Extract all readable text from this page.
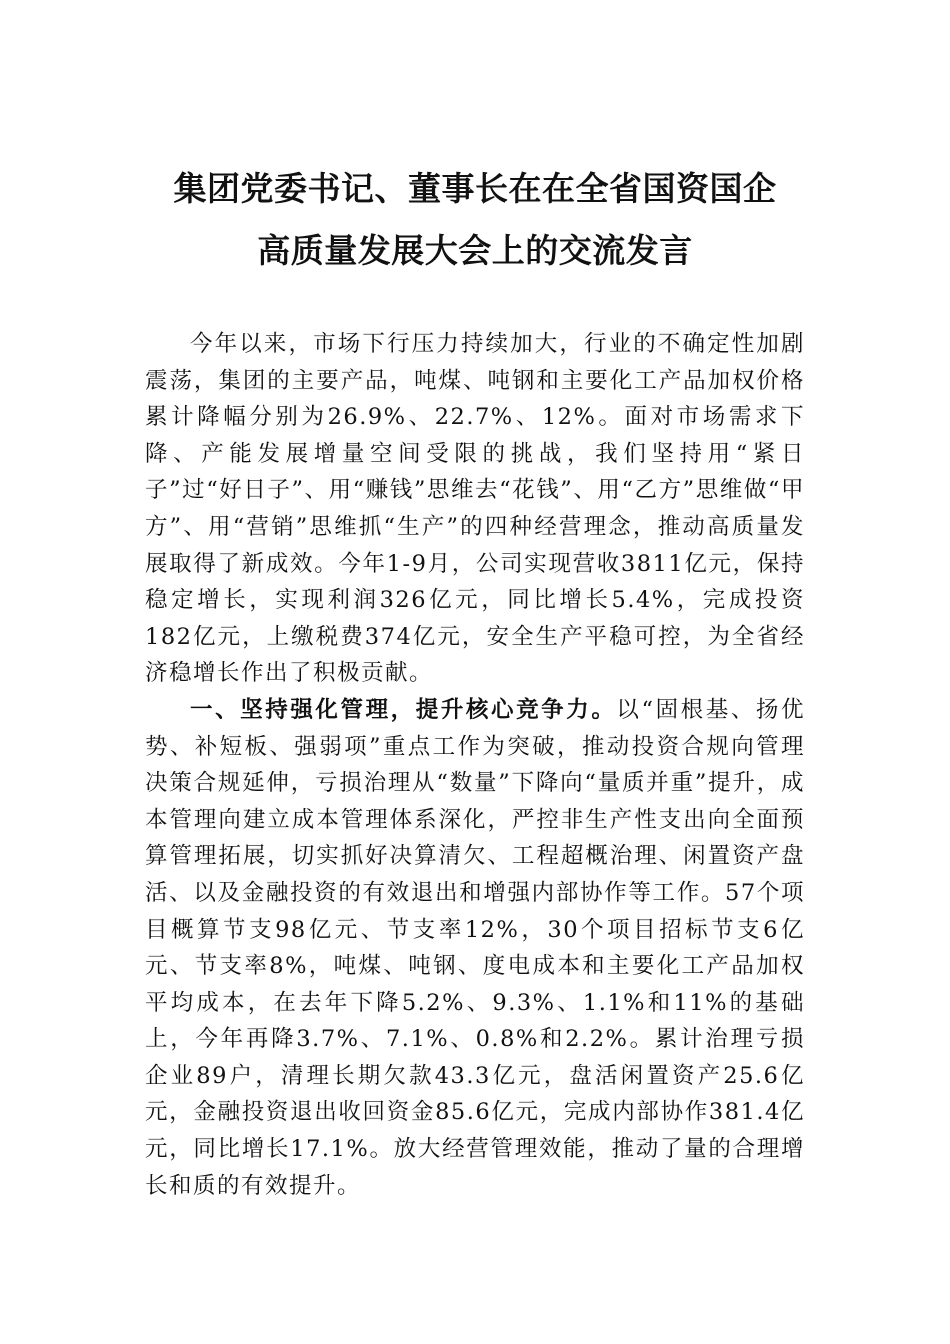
集团党委书记、董事长在在全省国资国企
高质量发展大会上的交流发言

今年以来，市场下行压力持续加大，行业的不确定性加剧震荡，集团的主要产品，吨煤、吨钢和主要化工产品加权价格累计降幅分别为26.9%、22.7%、12%。面对市场需求下降、产能发展增量空间受限的挑战，我们坚持用“紧日子”过“好日子”、用“赚钱”思维去“花钱”、用“乙方”思维做“甲方”、用“营销”思维抓“生产”的四种经营理念，推动高质量发展取得了新成效。今年1-9月，公司实现营收3811亿元，保持稳定增长，实现利润326亿元，同比增长5.4%，完成投资182亿元，上缴税费374亿元，安全生产平稳可控，为全省经济稳增长作出了积极贡献。

一、坚持强化管理，提升核心竞争力。以“固根基、扬优势、补短板、强弱项”重点工作为突破，推动投资合规向管理决策合规延伸，亏损治理从“数量”下降向“量质并重”提升，成本管理向建立成本管理体系深化，严控非生产性支出向全面预算管理拓展，切实抓好决算清欠、工程超概治理、闲置资产盘活、以及金融投资的有效退出和增强内部协作等工作。57个项目概算节支98亿元、节支率12%，30个项目招标节支6亿元、节支率8%，吨煤、吨钢、度电成本和主要化工产品加权平均成本，在去年下降5.2%、9.3%、1.1%和11%的基础上，今年再降3.7%、7.1%、0.8%和2.2%。累计治理亏损企业89户，清理长期欠款43.3亿元，盘活闲置资产25.6亿元，金融投资退出收回资金85.6亿元，完成内部协作381.4亿元，同比增长17.1%。放大经营管理效能，推动了量的合理增长和质的有效提升。
